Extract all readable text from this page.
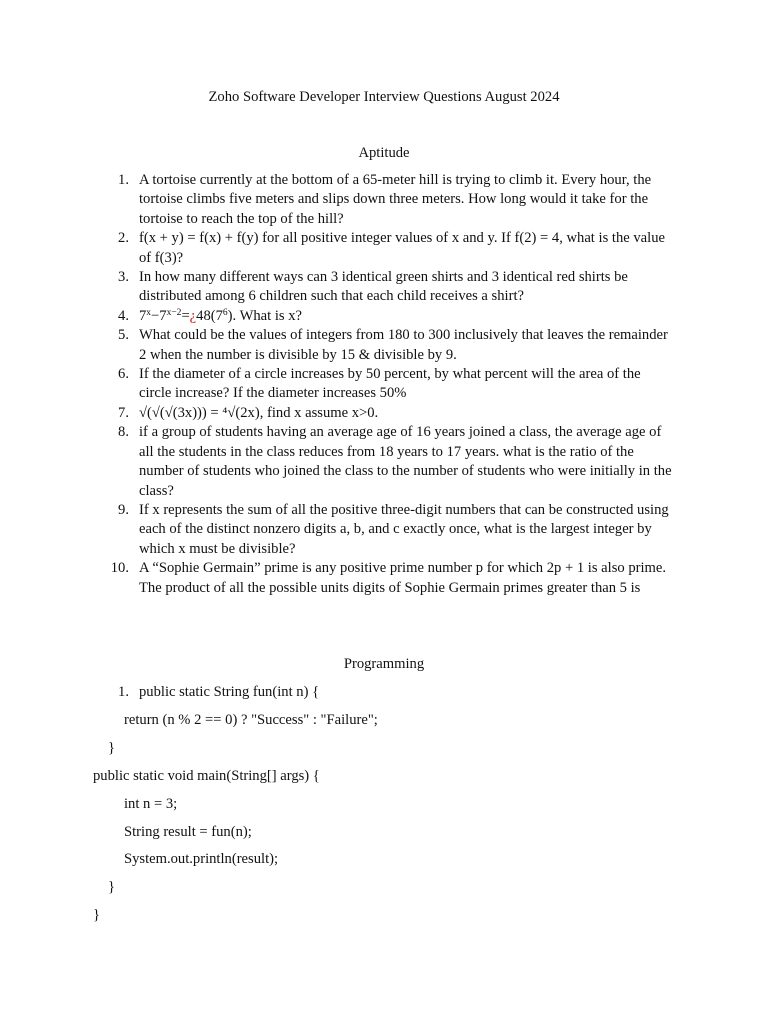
Zoho Software Developer Interview Questions August 2024
Aptitude
1. A tortoise currently at the bottom of a 65-meter hill is trying to climb it. Every hour, the tortoise climbs five meters and slips down three meters. How long would it take for the tortoise to reach the top of the hill?
2. f(x + y) = f(x) + f(y) for all positive integer values of x and y. If f(2) = 4, what is the value of f(3)?
3. In how many different ways can 3 identical green shirts and 3 identical red shirts be distributed among 6 children such that each child receives a shirt?
4. $7^x-7^{x-2}=¿48(7^6)$. What is x?
5. What could be the values of integers from 180 to 300 inclusively that leaves the remainder 2 when the number is divisible by 15 & divisible by 9.
6. If the diameter of a circle increases by 50 percent, by what percent will the area of the circle increase? If the diameter increases 50%
7. √(√(√(3x))) = ⁴√(2x), find x assume x>0.
8. if a group of students having an average age of 16 years joined a class, the average age of all the students in the class reduces from 18 years to 17 years. what is the ratio of the number of students who joined the class to the number of students who were initially in the class?
9. If x represents the sum of all the positive three-digit numbers that can be constructed using each of the distinct nonzero digits a, b, and c exactly once, what is the largest integer by which x must be divisible?
10. A “Sophie Germain” prime is any positive prime number p for which 2p + 1 is also prime. The product of all the possible units digits of Sophie Germain primes greater than 5 is
Programming
1. public static String fun(int n) {
return (n % 2 == 0) ? "Success" : "Failure";
}
public static void main(String[] args) {
int n = 3;
String result = fun(n);
System.out.println(result);
}
}
